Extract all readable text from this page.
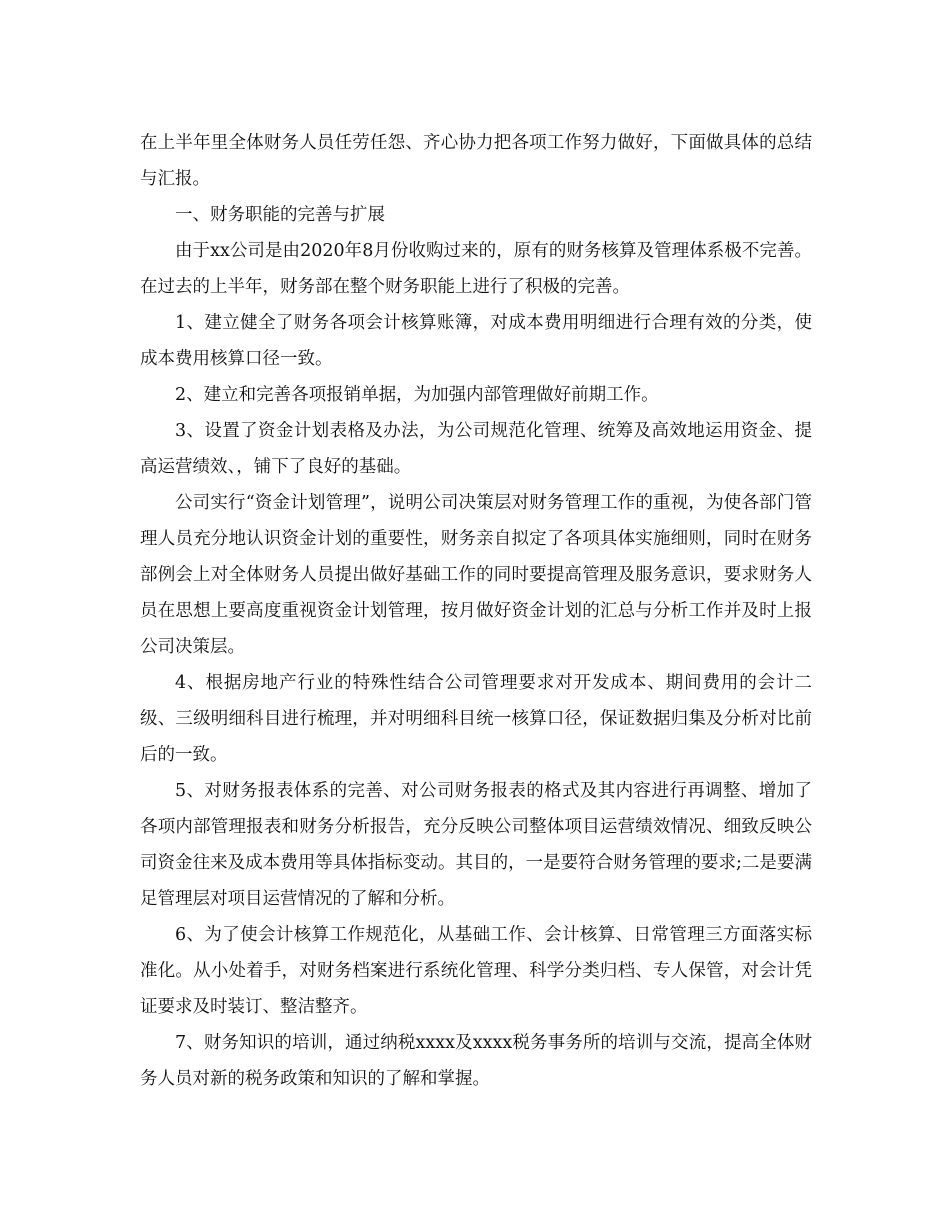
在上半年里全体财务人员任劳任怨、齐心协力把各项工作努力做好，下面做具体的总结与汇报。

一、财务职能的完善与扩展

由于xx公司是由2020年8月份收购过来的，原有的财务核算及管理体系极不完善。在过去的上半年，财务部在整个财务职能上进行了积极的完善。

1、建立健全了财务各项会计核算账簿，对成本费用明细进行合理有效的分类，使成本费用核算口径一致。

2、建立和完善各项报销单据，为加强内部管理做好前期工作。

3、设置了资金计划表格及办法，为公司规范化管理、统筹及高效地运用资金、提高运营绩效、，铺下了良好的基础。

公司实行“资金计划管理”，说明公司决策层对财务管理工作的重视，为使各部门管理人员充分地认识资金计划的重要性，财务亲自拟定了各项具体实施细则，同时在财务部例会上对全体财务人员提出做好基础工作的同时要提高管理及服务意识，要求财务人员在思想上要高度重视资金计划管理，按月做好资金计划的汇总与分析工作并及时上报公司决策层。

4、根据房地产行业的特殊性结合公司管理要求对开发成本、期间费用的会计二级、三级明细科目进行梳理，并对明细科目统一核算口径，保证数据归集及分析对比前后的一致。

5、对财务报表体系的完善、对公司财务报表的格式及其内容进行再调整、增加了各项内部管理报表和财务分析报告，充分反映公司整体项目运营绩效情况、细致反映公司资金往来及成本费用等具体指标变动。其目的，一是要符合财务管理的要求;二是要满足管理层对项目运营情况的了解和分析。

6、为了使会计核算工作规范化，从基础工作、会计核算、日常管理三方面落实标准化。从小处着手，对财务档案进行系统化管理、科学分类归档、专人保管，对会计凭证要求及时装订、整洁整齐。

7、财务知识的培训，通过纳税xxxx及xxxx税务事务所的培训与交流，提高全体财务人员对新的税务政策和知识的了解和掌握。
